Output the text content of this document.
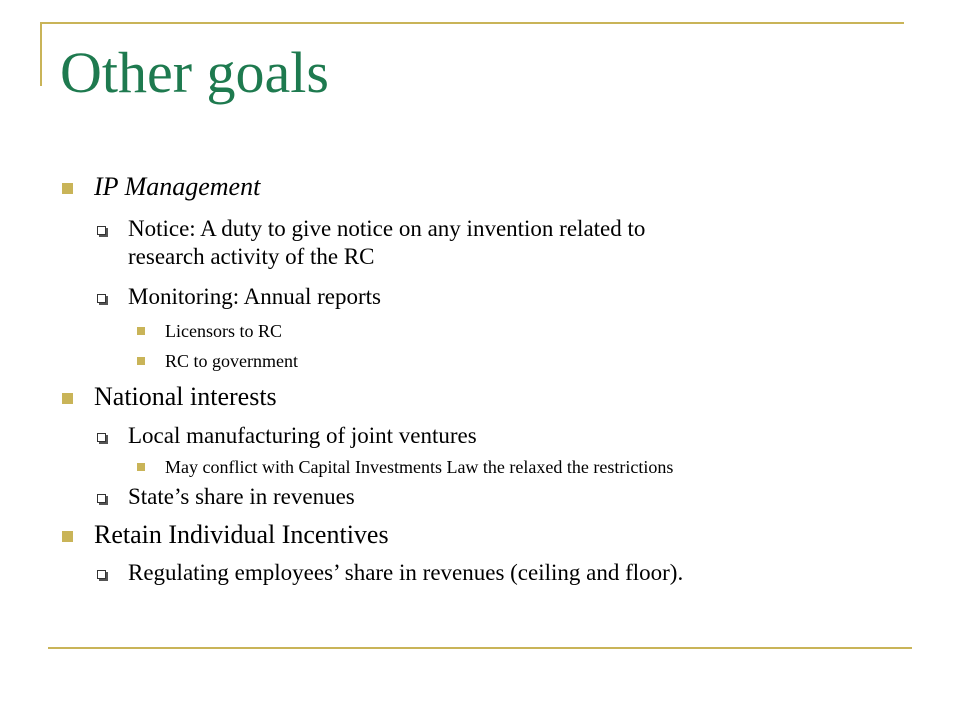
Other goals
IP Management
Notice: A duty to give notice on any invention related to
research activity of the RC
Monitoring: Annual reports
Licensors to RC
RC to government
National interests
Local manufacturing of joint ventures
May conflict with Capital Investments Law the relaxed the restrictions
State’s share in revenues
Retain Individual Incentives
Regulating employees’ share in revenues (ceiling and floor).
